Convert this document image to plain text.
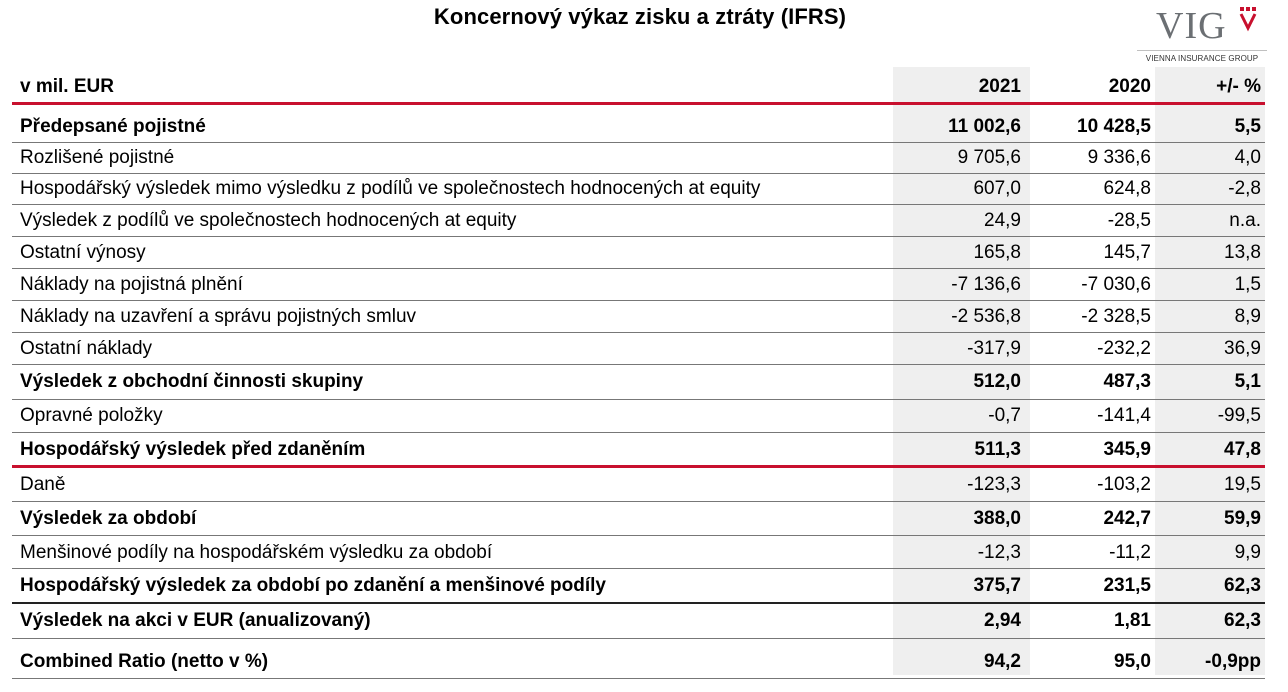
Koncernový výkaz zisku a ztráty (IFRS)	VIG
VIENNA INSURANCE GROUP
v mil. EUR	2021	2020	+/- %
Předepsané pojistné	11 002,6	10 428,5	5,5
Rozlišené pojistné	9 705,6	9 336,6	4,0
Hospodářský výsledek mimo výsledku z podílů ve společnostech hodnocených at equity	607,0	624,8	-2,8
Výsledek z podílů ve společnostech hodnocených at equity	24,9	-28,5	n.a.
Ostatní výnosy	165,8	145,7	13,8
Náklady na pojistná plnění	-7 136,6	-7 030,6	1,5
Náklady na uzavření a správu pojistných smluv	-2 536,8	-2 328,5	8,9
Ostatní náklady	-317,9	-232,2	36,9
Výsledek z obchodní činnosti skupiny	512,0	487,3	5,1
Opravné položky	-0,7	-141,4	-99,5
Hospodářský výsledek před zdaněním	511,3	345,9	47,8
Daně	-123,3	-103,2	19,5
Výsledek za období	388,0	242,7	59,9
Menšinové podíly na hospodářském výsledku za období	-12,3	-11,2	9,9
Hospodářský výsledek za období po zdanění a menšinové podíly	375,7	231,5	62,3
Výsledek na akci v EUR (anualizovaný)	2,94	1,81	62,3
Combined Ratio (netto v %)	94,2	95,0	-0,9pp
